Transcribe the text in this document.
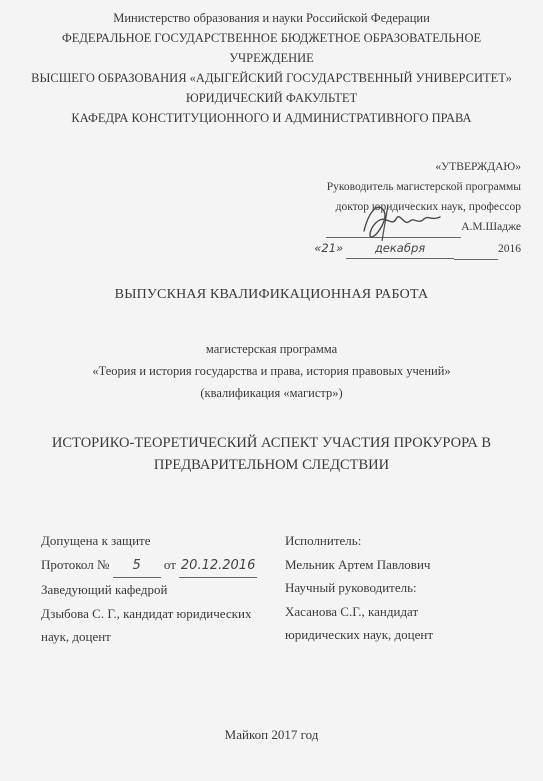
Министерство образования и науки Российской Федерации
ФЕДЕРАЛЬНОЕ ГОСУДАРСТВЕННОЕ БЮДЖЕТНОЕ ОБРАЗОВАТЕЛЬНОЕ
УЧРЕЖДЕНИЕ
ВЫСШЕГО ОБРАЗОВАНИЯ «АДЫГЕЙСКИЙ ГОСУДАРСТВЕННЫЙ УНИВЕРСИТЕТ»
ЮРИДИЧЕСКИЙ ФАКУЛЬТЕТ
КАФЕДРА КОНСТИТУЦИОННОГО И АДМИНИСТРАТИВНОГО ПРАВА
«УТВЕРЖДАЮ»
Руководитель магистерской программы
доктор юридических наук, профессор
А.М.Шадже
«21»	декабря	2016
ВЫПУСКНАЯ КВАЛИФИКАЦИОННАЯ РАБОТА
магистерская программа
«Теория и история государства и права, история правовых учений»
(квалификация «магистр»)
ИСТОРИКО-ТЕОРЕТИЧЕСКИЙ АСПЕКТ УЧАСТИЯ ПРОКУРОРА В
ПРЕДВАРИТЕЛЬНОМ СЛЕДСТВИИ
Допущена к защите
Протокол № 5 от 20.12.2016
Заведующий кафедрой
Дзыбова С. Г., кандидат юридических
наук, доцент
Исполнитель:
Мельник Артем Павлович
Научный руководитель:
Хасанова С.Г., кандидат
юридических наук, доцент
Майкоп 2017 год
